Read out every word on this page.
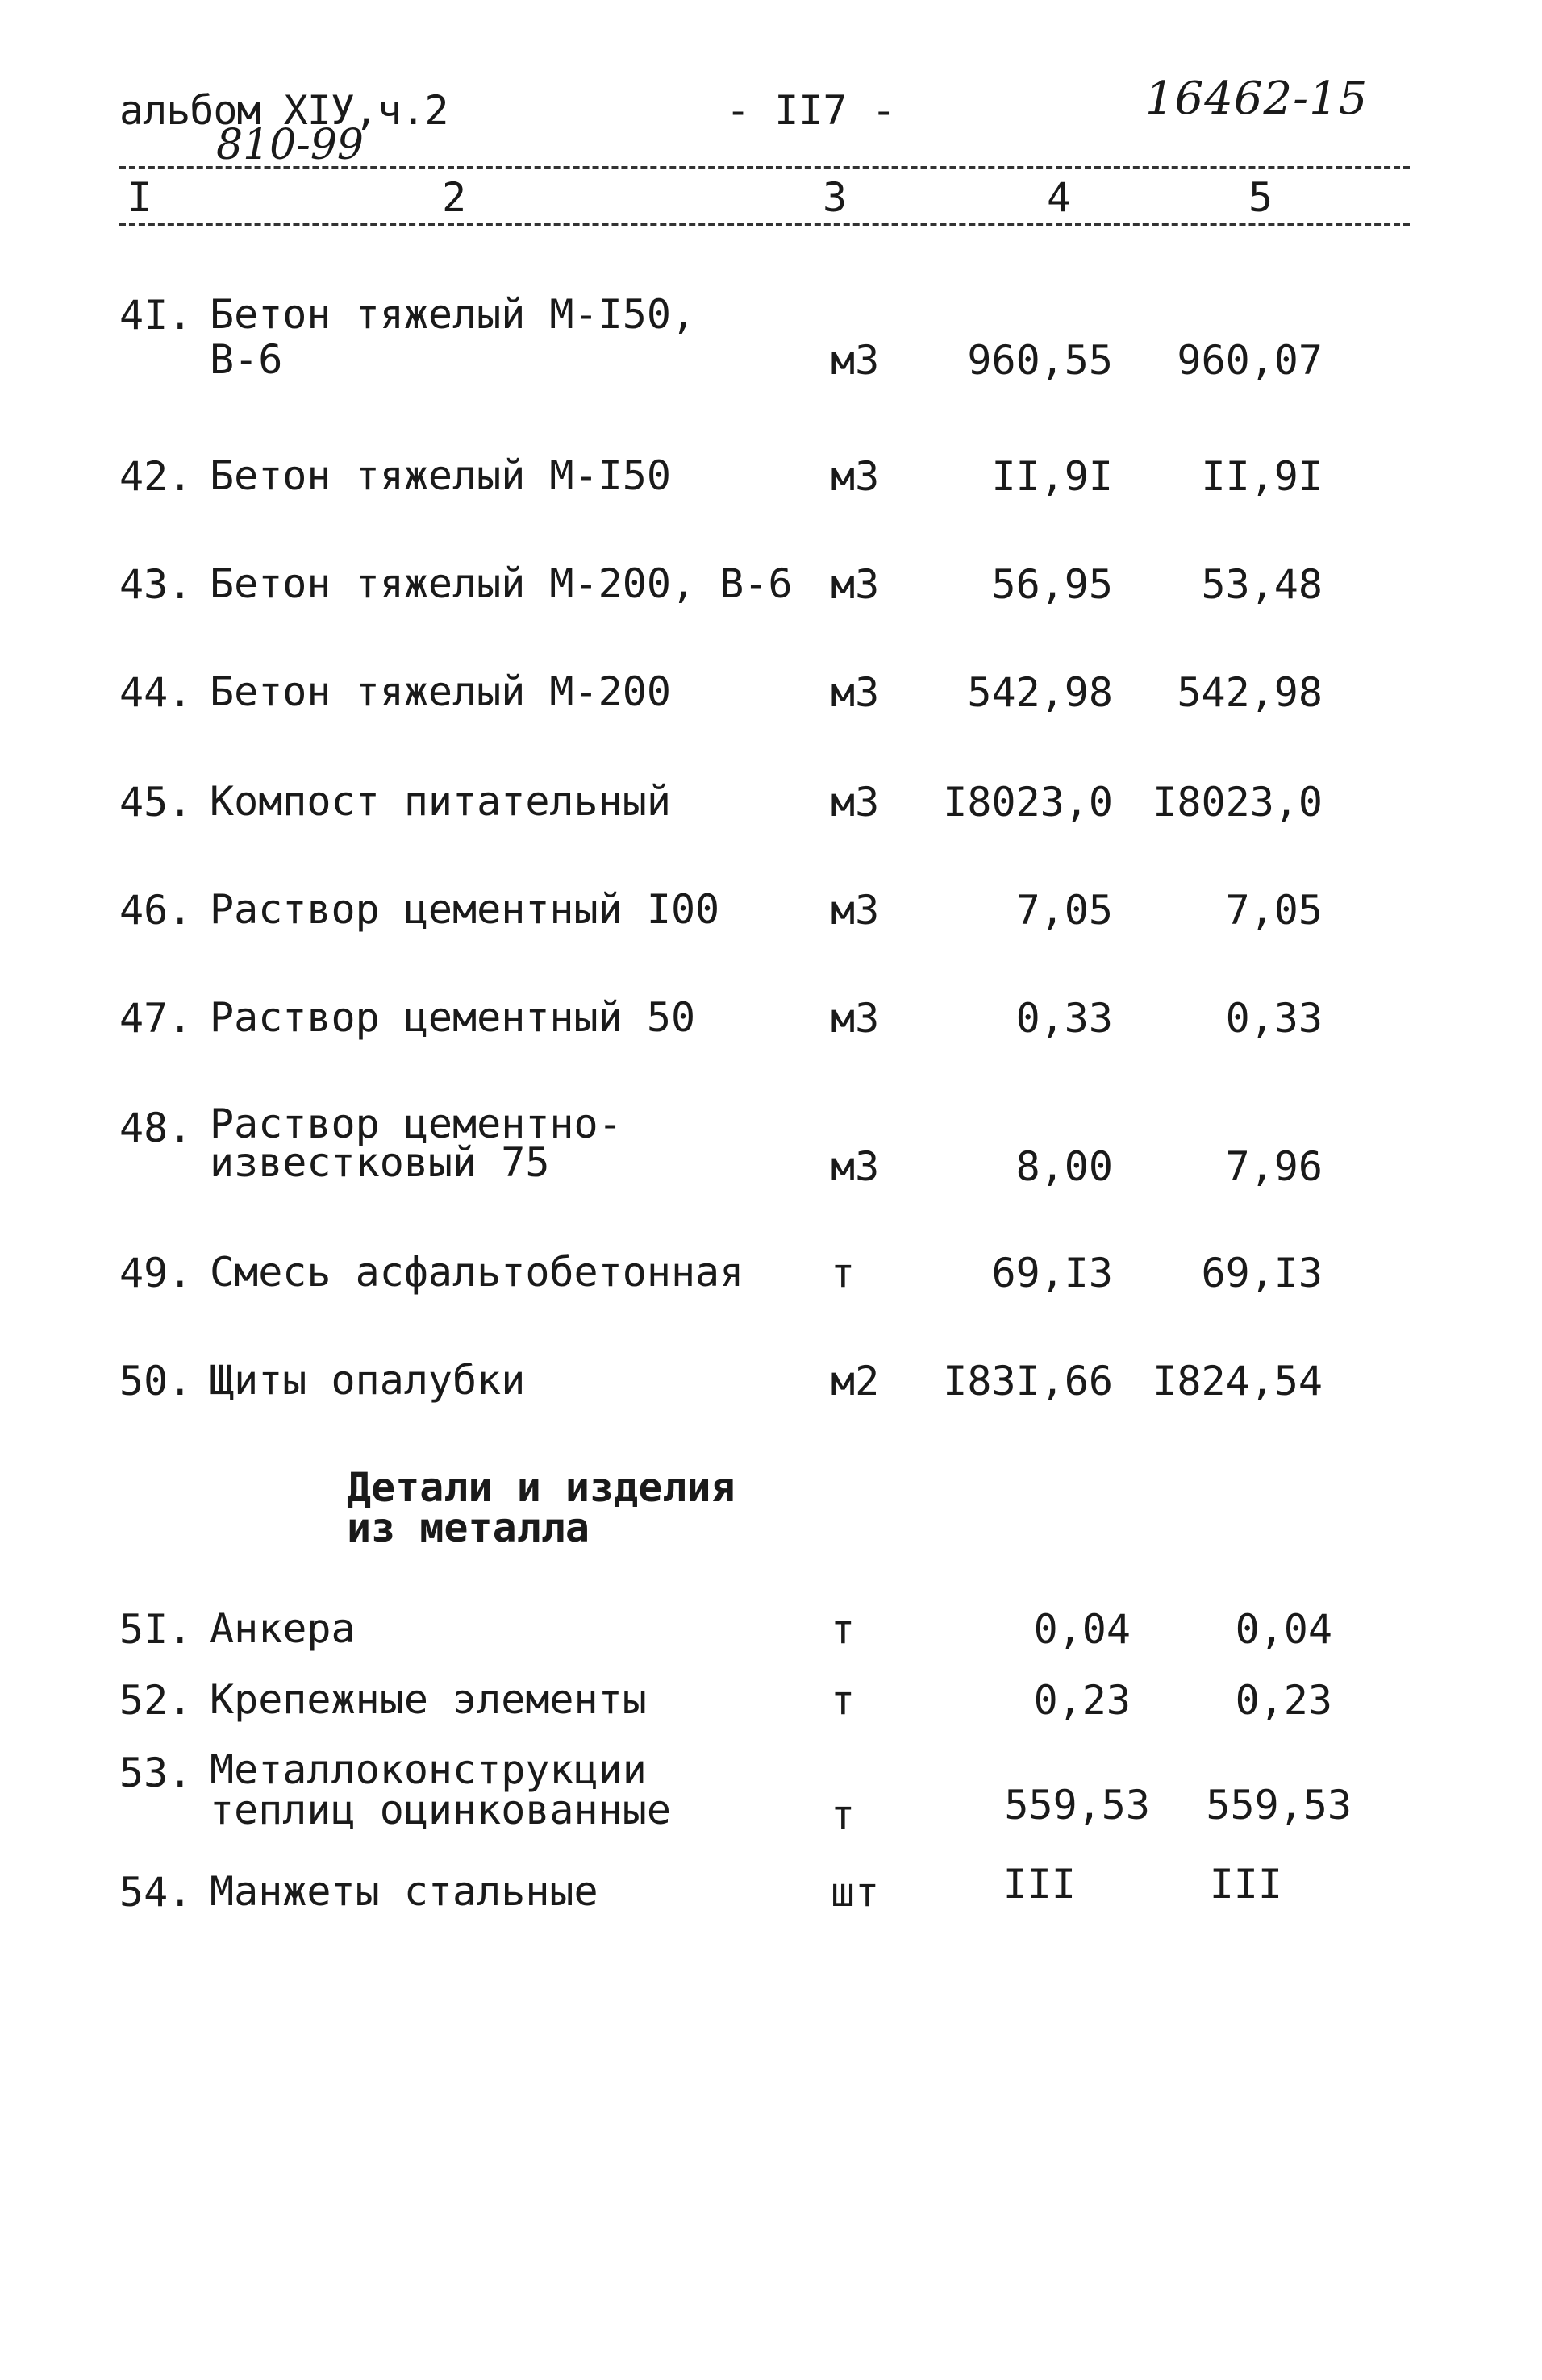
альбом XIУ,ч.2	- II7 -	16462-15
810-99
I	2	3	4	5
4I. Бетон тяжелый М-I50,
B-6	м3 960,55 960,07
42. Бетон тяжелый М-I50	м3	II,9I II,9I
43. Бетон тяжелый М-200, В-6 м3	56,95 53,48
44. Бетон тяжелый М-200	м3 542,98 542,98
45. Компост питательный	м3 I8023,0 I8023,0
46. Раствор цементный I00	м3	7,05	7,05
47. Раствор цементный 50	м3	0,33	0,33
48. Раствор цементно-
известковый 75	м3	8,00	7,96
49. Смесь асфальтобетонная т	69,I3 69,I3
50. Щиты опалубки	м2 I83I,66 I824,54
Детали и изделия
из металла
5I. Анкера	т	0,04	0,04
52. Крепежные элементы	т	0,23	0,23
53. Металлоконструкции
теплиц оцинкованные	т	559,53 559,53
54. Манжеты стальные	шт	III	III
